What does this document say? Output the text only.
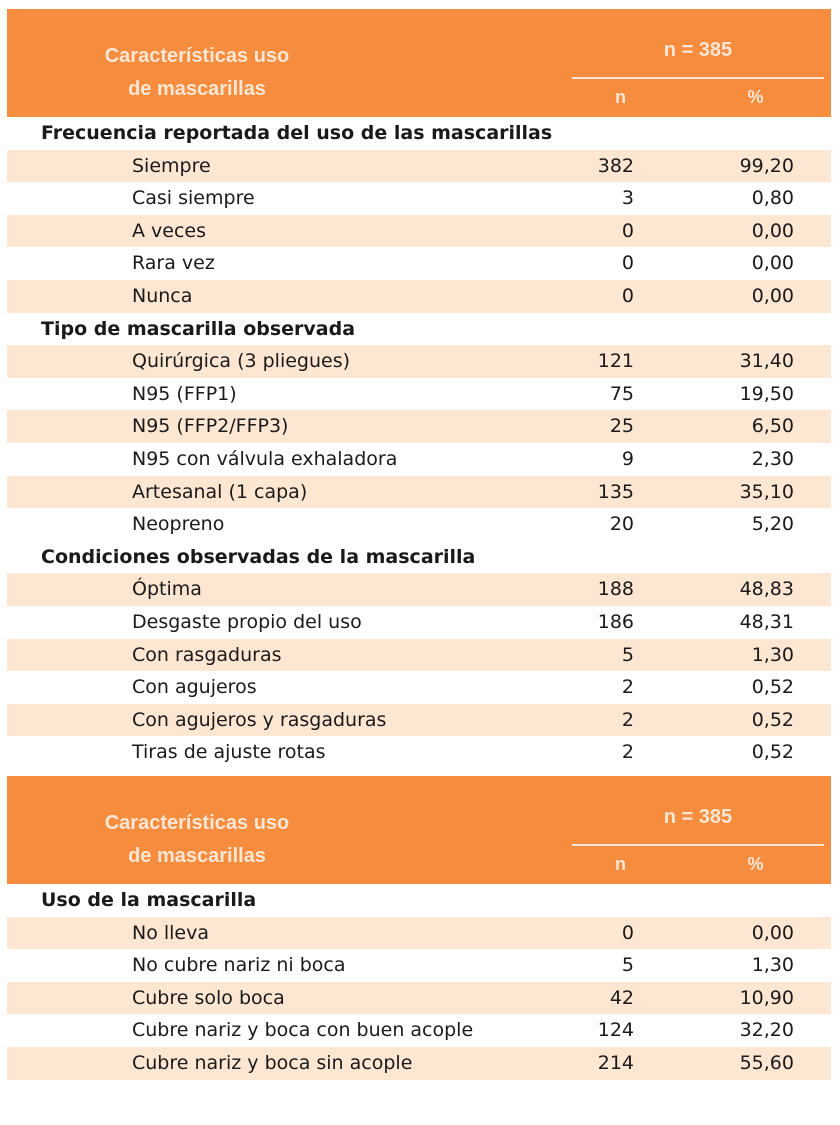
Características uso
de mascarillas
n = 385
n	%
Frecuencia reportada del uso de las mascarillas
Siempre	382	99,20
Casi siempre	3	0,80
A veces	0	0,00
Rara vez	0	0,00
Nunca	0	0,00
Tipo de mascarilla observada
Quirúrgica (3 pliegues)	121	31,40
N95 (FFP1)	75	19,50
N95 (FFP2/FFP3)	25	6,50
N95 con válvula exhaladora	9	2,30
Artesanal (1 capa)	135	35,10
Neopreno	20	5,20
Condiciones observadas de la mascarilla
Óptima	188	48,83
Desgaste propio del uso	186	48,31
Con rasgaduras	5	1,30
Con agujeros	2	0,52
Con agujeros y rasgaduras	2	0,52
Tiras de ajuste rotas	2	0,52
Características uso
de mascarillas
n = 385
n	%
Uso de la mascarilla
No lleva	0	0,00
No cubre nariz ni boca	5	1,30
Cubre solo boca	42	10,90
Cubre nariz y boca con buen acople	124	32,20
Cubre nariz y boca sin acople	214	55,60
